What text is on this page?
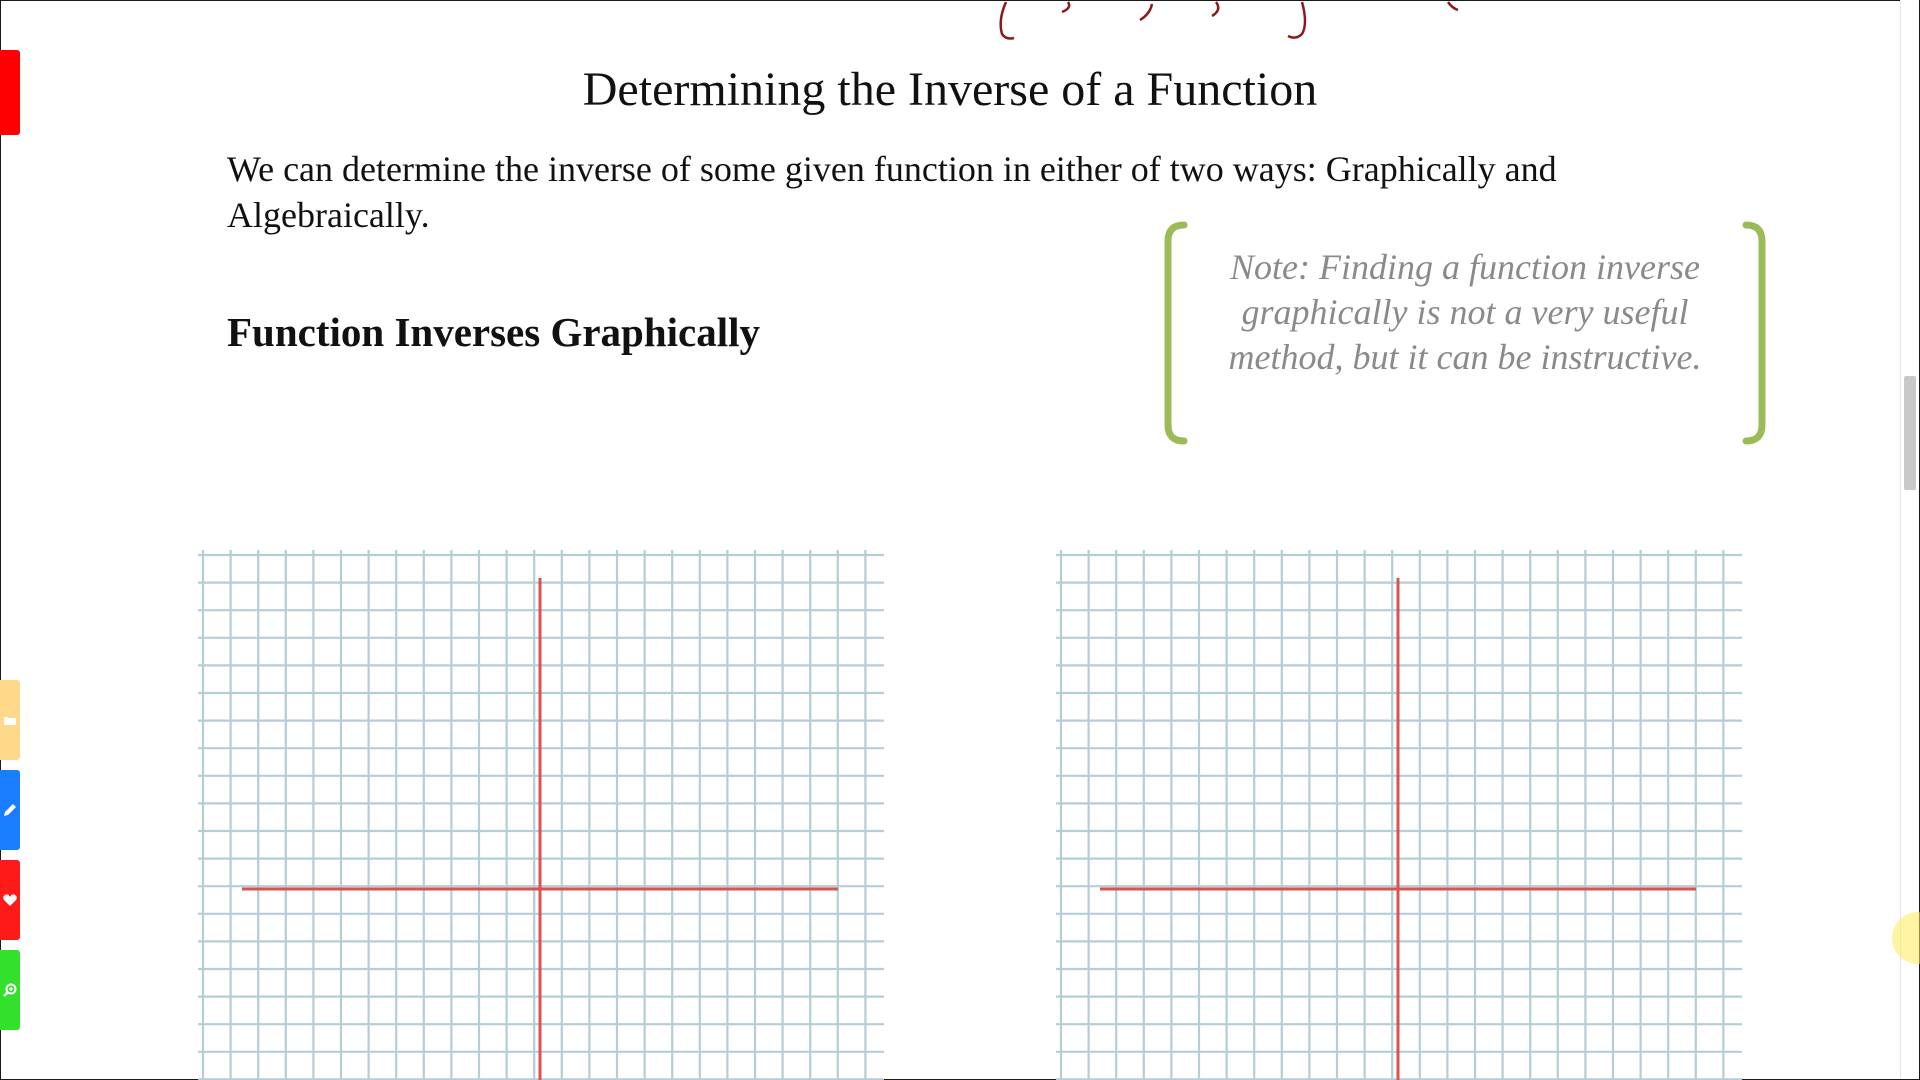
Determining the Inverse of a Function
We can determine the inverse of some given function in either of two ways: Graphically and Algebraically.
Function Inverses Graphically
Note: Finding a function inverse graphically is not a very useful method, but it can be instructive.
